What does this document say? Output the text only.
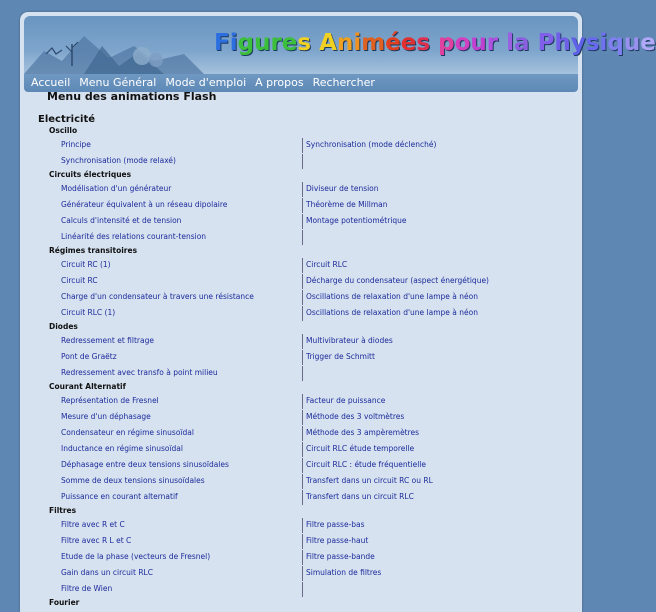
Figures Animées pour la Physique
Accueil Menu Général Mode d'emploi A propos Rechercher
Menu des animations Flash
Electricité
Oscillo
Principe	Synchronisation (mode déclenché)
Synchronisation (mode relaxé)
Circuits électriques
Modélisation d'un générateur	Diviseur de tension
Générateur équivalent à un réseau dipolaire	Théorème de Millman
Calculs d'intensité et de tension	Montage potentiométrique
Linéarité des relations courant-tension
Régimes transitoires
Circuit RC (1)	Circuit RLC
Circuit RC	Décharge du condensateur (aspect énergétique)
Charge d'un condensateur à travers une résistance	Oscillations de relaxation d'une lampe à néon
Circuit RLC (1)	Oscillations de relaxation d'une lampe à néon
Diodes
Redressement et filtrage	Multivibrateur à diodes
Pont de Graëtz	Trigger de Schmitt
Redressement avec transfo à point milieu
Courant Alternatif
Représentation de Fresnel	Facteur de puissance
Mesure d'un déphasage	Méthode des 3 voltmètres
Condensateur en régime sinusoïdal	Méthode des 3 ampèremètres
Inductance en régime sinusoïdal	Circuit RLC étude temporelle
Déphasage entre deux tensions sinusoïdales	Circuit RLC : étude fréquentielle
Somme de deux tensions sinusoïdales	Transfert dans un circuit RC ou RL
Puissance en courant alternatif	Transfert dans un circuit RLC
Filtres
Filtre avec R et C	Filtre passe-bas
Filtre avec R L et C	Filtre passe-haut
Etude de la phase (vecteurs de Fresnel)	Filtre passe-bande
Gain dans un circuit RLC	Simulation de filtres
Filtre de Wien
Fourier
